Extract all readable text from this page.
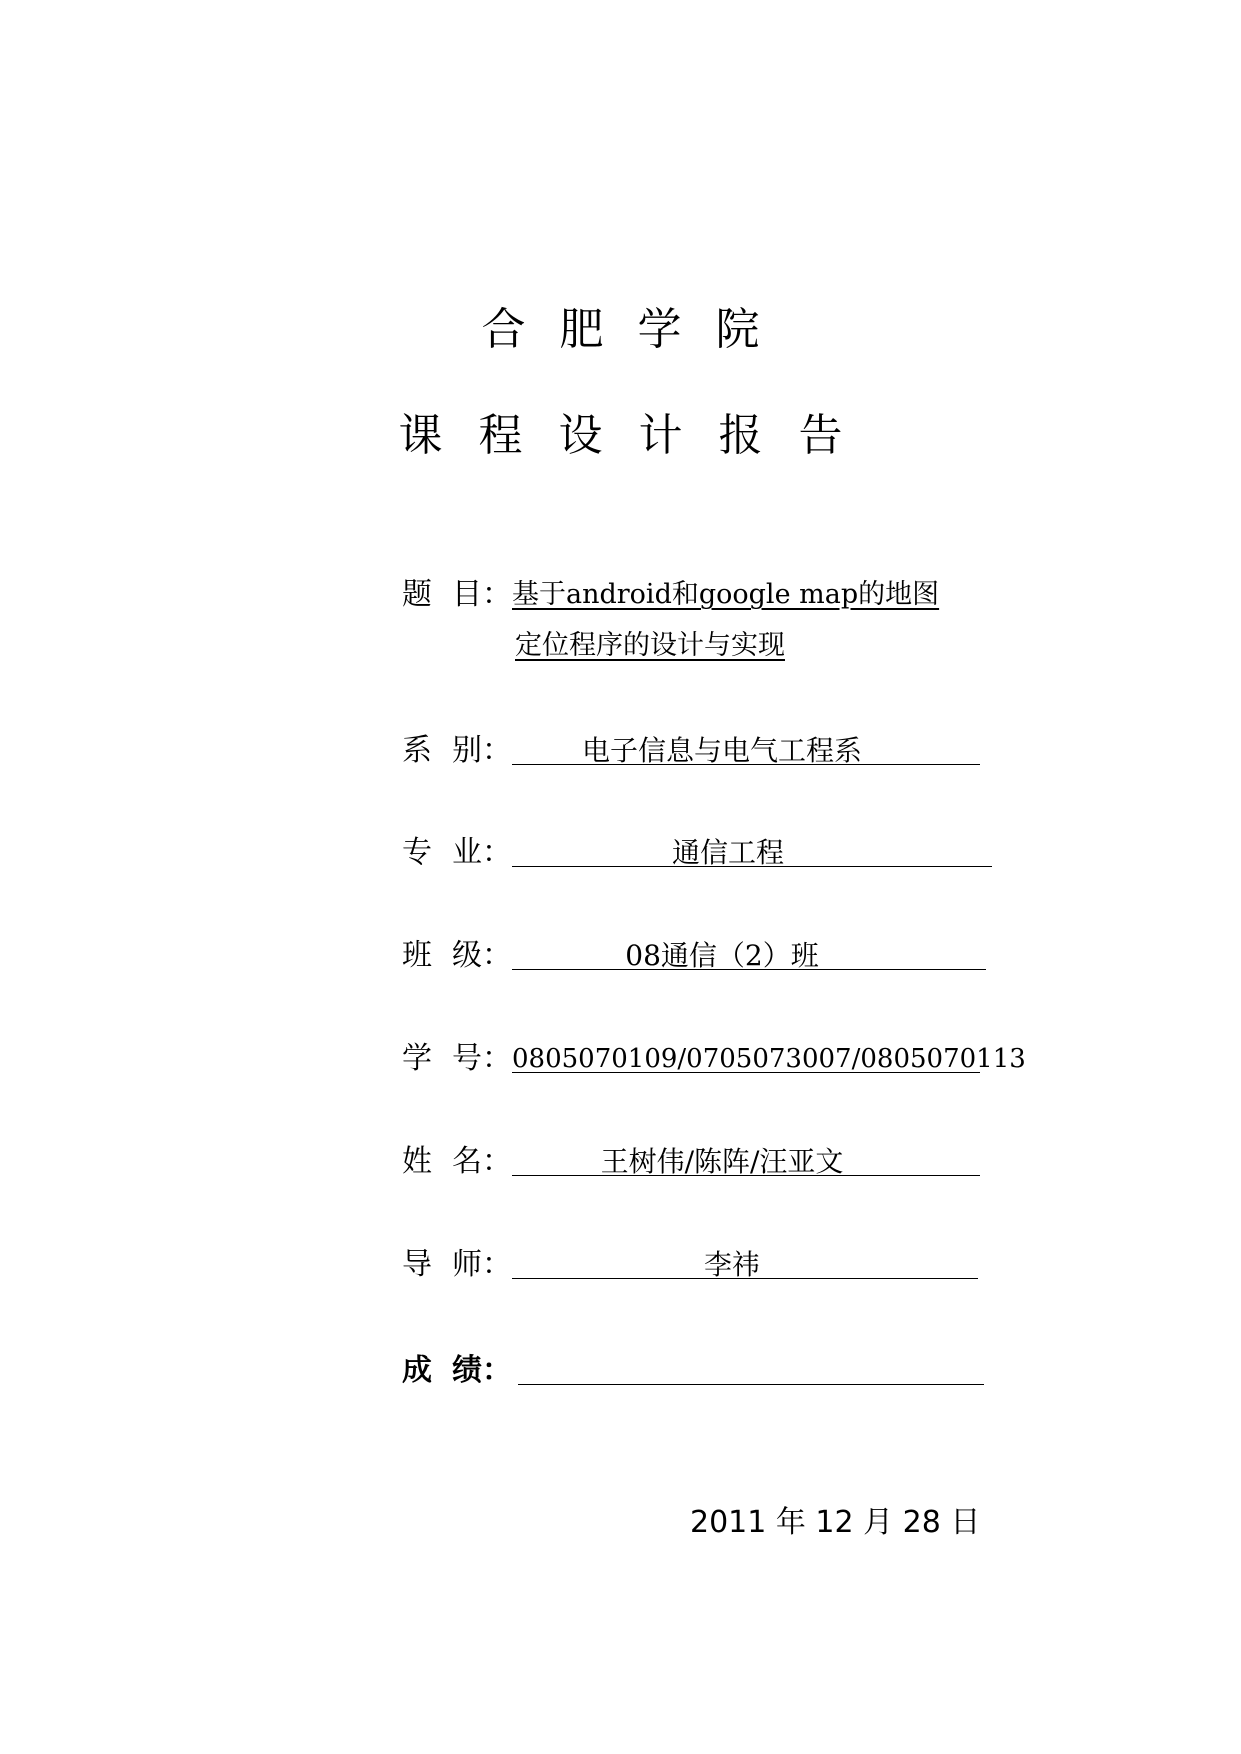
合肥学院
课程设计报告
题 目： 基于android和google map的地图
定位程序的设计与实现
系 别：	电子信息与电气工程系
专 业：	通信工程
班 级：	08通信（2）班
学 号： 0805070109/0705073007/0805070113
姓 名：	王树伟/陈阵/汪亚文
导 师：	李祎
成 绩：
2011 年 12 月 28 日
